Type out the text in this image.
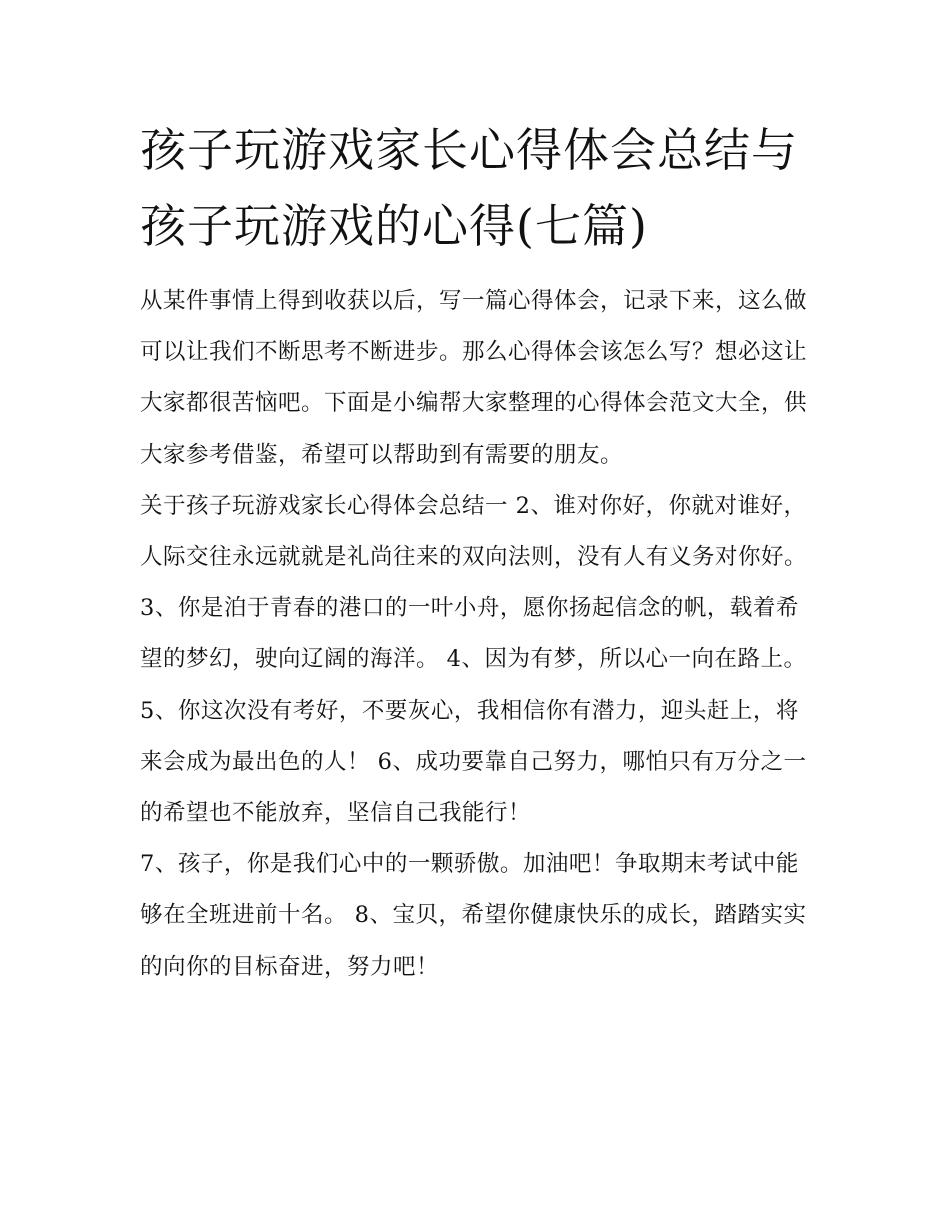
孩子玩游戏家长心得体会总结与孩子玩游戏的心得(七篇)

从某件事情上得到收获以后，写一篇心得体会，记录下来，这么做可以让我们不断思考不断进步。那么心得体会该怎么写？想必这让大家都很苦恼吧。下面是小编帮大家整理的心得体会范文大全，供大家参考借鉴，希望可以帮助到有需要的朋友。

关于孩子玩游戏家长心得体会总结一 2、谁对你好，你就对谁好，人际交往永远就就是礼尚往来的双向法则，没有人有义务对你好。

3、你是泊于青春的港口的一叶小舟，愿你扬起信念的帆，载着希望的梦幻，驶向辽阔的海洋。 4、因为有梦，所以心一向在路上。

5、你这次没有考好，不要灰心，我相信你有潜力，迎头赶上，将来会成为最出色的人！ 6、成功要靠自己努力，哪怕只有万分之一的希望也不能放弃，坚信自己我能行！

7、孩子，你是我们心中的一颗骄傲。加油吧！争取期末考试中能够在全班进前十名。 8、宝贝，希望你健康快乐的成长，踏踏实实的向你的目标奋进，努力吧！
